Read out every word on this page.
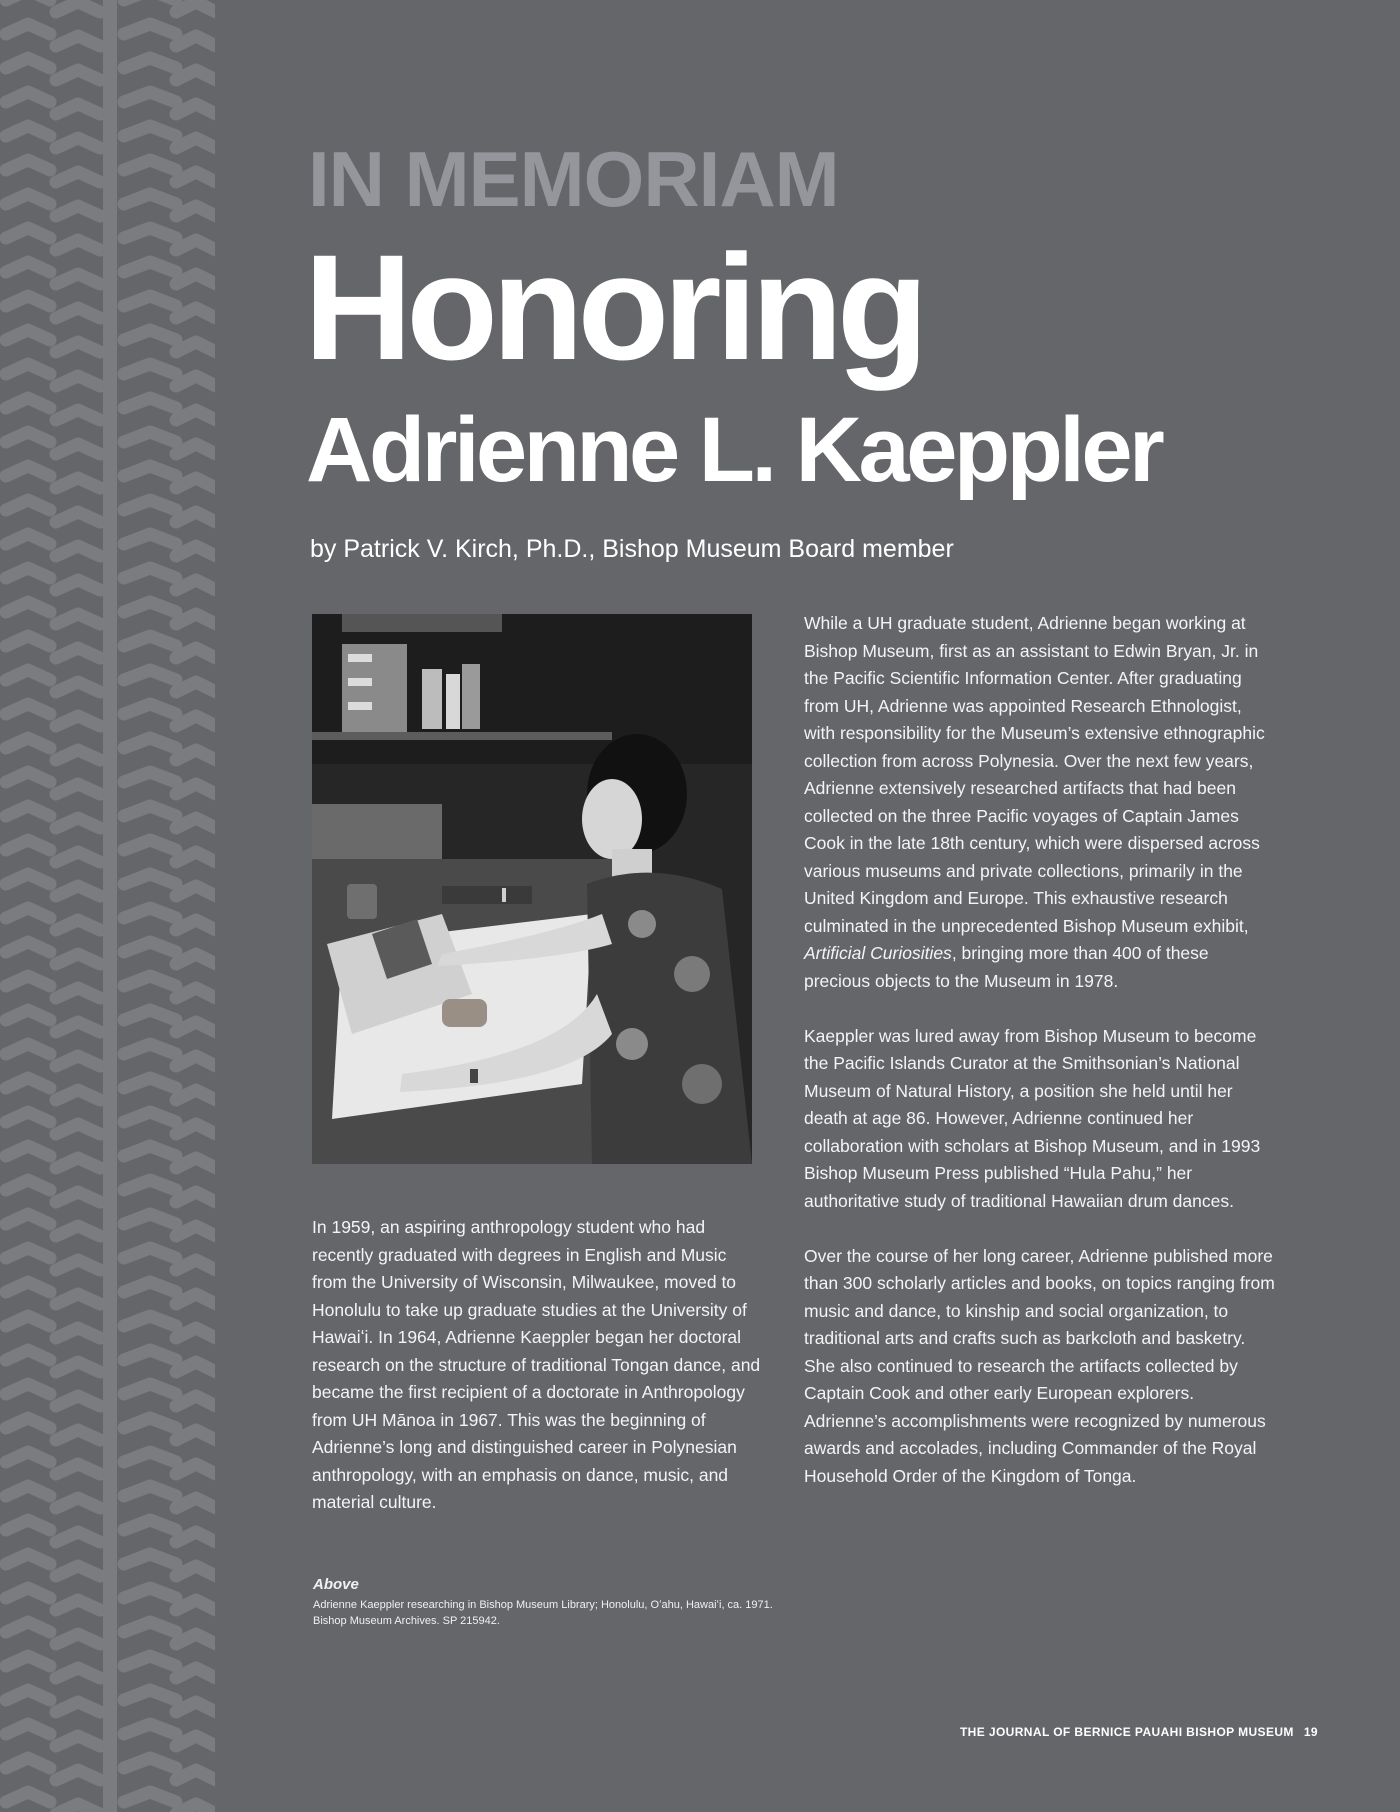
IN MEMORIAM
Honoring
Adrienne L. Kaeppler

by Patrick V. Kirch, Ph.D., Bishop Museum Board member

In 1959, an aspiring anthropology student who had recently graduated with degrees in English and Music from the University of Wisconsin, Milwaukee, moved to Honolulu to take up graduate studies at the University of Hawaiʻi. In 1964, Adrienne Kaeppler began her doctoral research on the structure of traditional Tongan dance, and became the first recipient of a doctorate in Anthropology from UH Mānoa in 1967. This was the beginning of Adrienne’s long and distinguished career in Polynesian anthropology, with an emphasis on dance, music, and material culture.

While a UH graduate student, Adrienne began working at Bishop Museum, first as an assistant to Edwin Bryan, Jr. in the Pacific Scientific Information Center. After graduating from UH, Adrienne was appointed Research Ethnologist, with responsibility for the Museum’s extensive ethnographic collection from across Polynesia. Over the next few years, Adrienne extensively researched artifacts that had been collected on the three Pacific voyages of Captain James Cook in the late 18th century, which were dispersed across various museums and private collections, primarily in the United Kingdom and Europe. This exhaustive research culminated in the unprecedented Bishop Museum exhibit, Artificial Curiosities, bringing more than 400 of these precious objects to the Museum in 1978.

Kaeppler was lured away from Bishop Museum to become the Pacific Islands Curator at the Smithsonian’s National Museum of Natural History, a position she held until her death at age 86. However, Adrienne continued her collaboration with scholars at Bishop Museum, and in 1993 Bishop Museum Press published “Hula Pahu,” her authoritative study of traditional Hawaiian drum dances.

Over the course of her long career, Adrienne published more than 300 scholarly articles and books, on topics ranging from music and dance, to kinship and social organization, to traditional arts and crafts such as barkcloth and basketry. She also continued to research the artifacts collected by Captain Cook and other early European explorers. Adrienne’s accomplishments were recognized by numerous awards and accolades, including Commander of the Royal Household Order of the Kingdom of Tonga.

Above

Adrienne Kaeppler researching in Bishop Museum Library; Honolulu, Oʻahu, Hawaiʻi, ca. 1971.

Bishop Museum Archives. SP 215942.

THE JOURNAL OF BERNICE PAUAHI BISHOP MUSEUM 19
